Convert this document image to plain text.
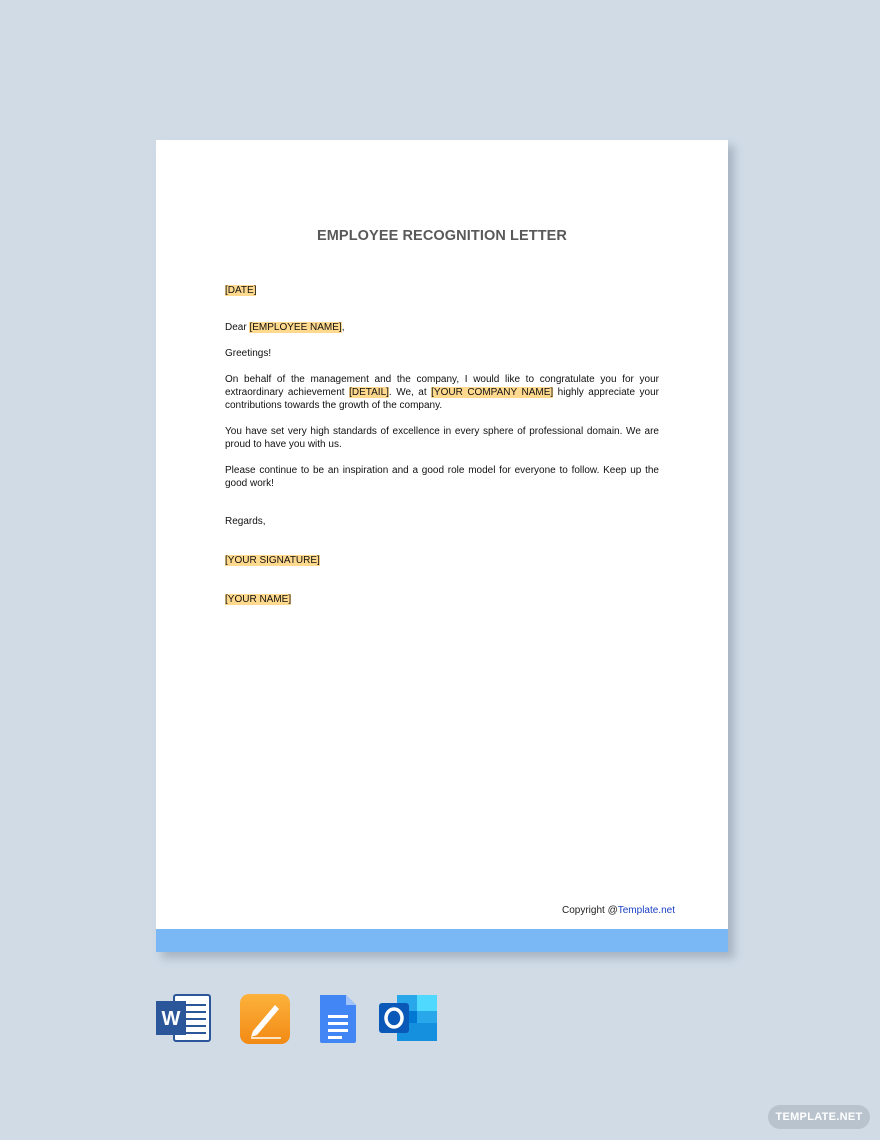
EMPLOYEE RECOGNITION LETTER
[DATE]
Dear [EMPLOYEE NAME],
Greetings!
On behalf of the management and the company, I would like to congratulate you for your extraordinary achievement [DETAIL]. We, at [YOUR COMPANY NAME] highly appreciate your contributions towards the growth of the company.
You have set very high standards of excellence in every sphere of professional domain. We are proud to have you with us.
Please continue to be an inspiration and a good role model for everyone to follow. Keep up the good work!
Regards,
[YOUR SIGNATURE]
[YOUR NAME]
Copyright @Template.net
W
TEMPLATE.NET
